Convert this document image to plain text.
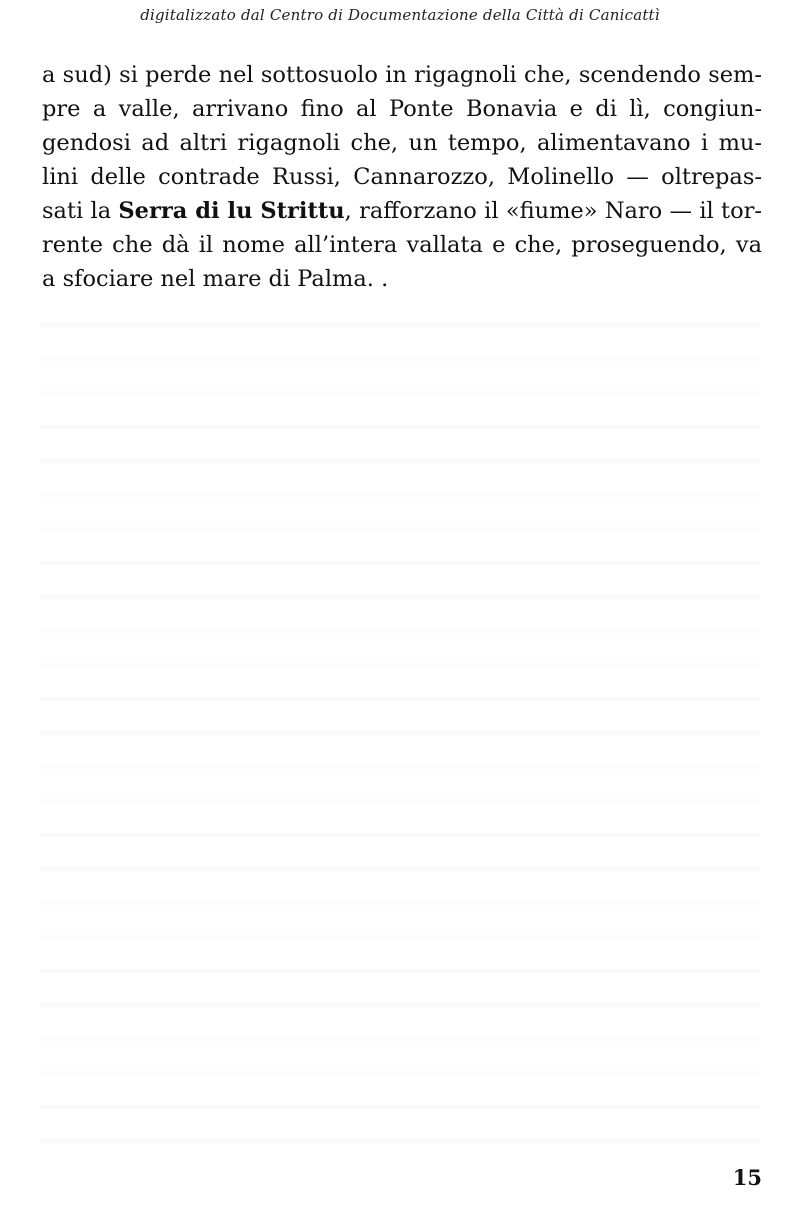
digitalizzato dal Centro di Documentazione della Città di Canicattì
a sud) si perde nel sottosuolo in rigagnoli che, scendendo sem-
pre a valle, arrivano fino al Ponte Bonavia e di lì, congiun-
gendosi ad altri rigagnoli che, un tempo, alimentavano i mu-
lini delle contrade Russi, Cannarozzo, Molinello — oltrepas-
sati la Serra di lu Strittu, rafforzano il «fiume» Naro — il tor-
rente che dà il nome all’intera vallata e che, proseguendo, va
a sfociare nel mare di Palma. .
15
